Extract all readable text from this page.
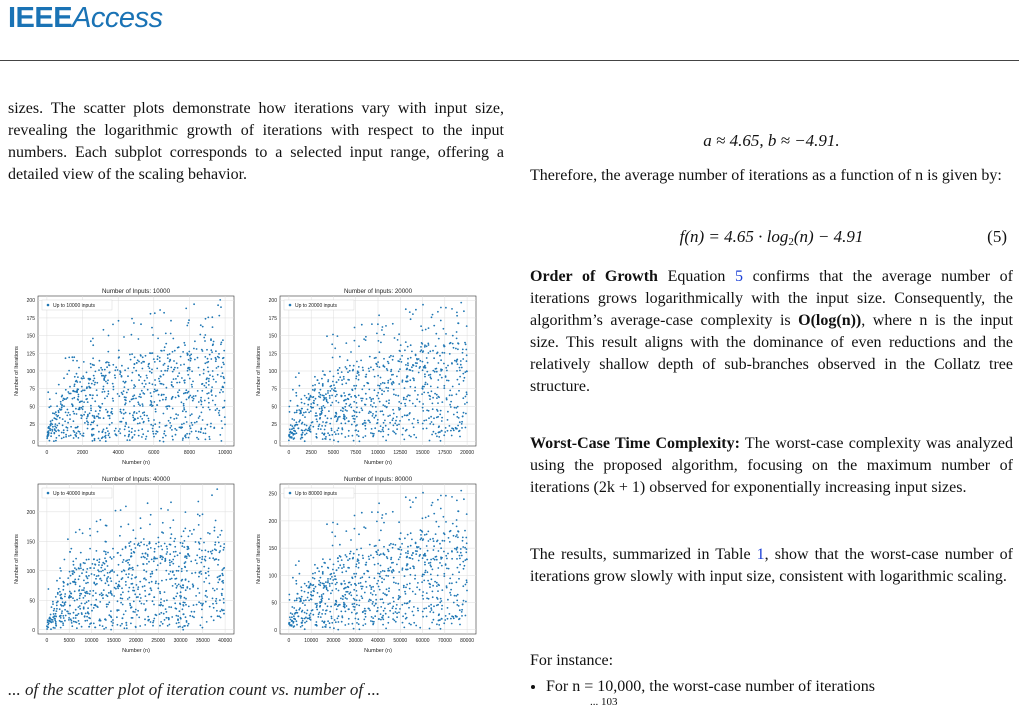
IEEEAccess

sizes. The scatter plots demonstrate how iterations vary with input size, revealing the logarithmic growth of iterations with respect to the input numbers. Each subplot corresponds to a selected input range, offering a detailed view of the scaling behavior.

Number of Inputs: 10000
Number (n)
Number of Iterations
0	2000	4000	6000	8000	10000
0
25
50
75
100
125
150
175
200
Up to 10000 inputs
Number of Inputs: 20000
Number (n)
Number of Iterations
0	2500 5000 7500 10000 12500 15000 17500 20000
0
25
50
75
100
125
150
175
200
Up to 20000 inputs
Number of Inputs: 40000
Number (n)
Number of Iterations
0	5000 10000 15000 20000 25000 30000 35000 40000
0
50
100
150
200
Up to 40000 inputs
Number of Inputs: 80000
Number (n)
Number of Iterations
0	10000 20000 30000 40000 50000 60000 70000 80000
0
50
100
150
200
250	Up to 80000 inputs
... of the scatter plot of iteration count vs. number of ...
a ≈ 4.65, b ≈ −4.91.

Therefore, the average number of iterations as a function of n is given by:

$f(n) = 4.65 \cdot \log_2(n) - 4.91$	(5)

Order of Growth Equation 5 confirms that the average number of iterations grows logarithmically with the input size. Consequently, the algorithm’s average-case complexity is O(log(n)), where n is the input size. This result aligns with the dominance of even reductions and the relatively shallow depth of sub-branches observed in the Collatz tree structure.

Worst-Case Time Complexity: The worst-case complexity was analyzed using the proposed algorithm, focusing on the maximum number of iterations (2k + 1) observed for exponentially increasing input sizes.

The results, summarized in Table 1, show that the worst-case number of iterations grow slowly with input size, consistent with logarithmic scaling.

For instance:

• For n = 10,000, the worst-case number of iterations
... 103
